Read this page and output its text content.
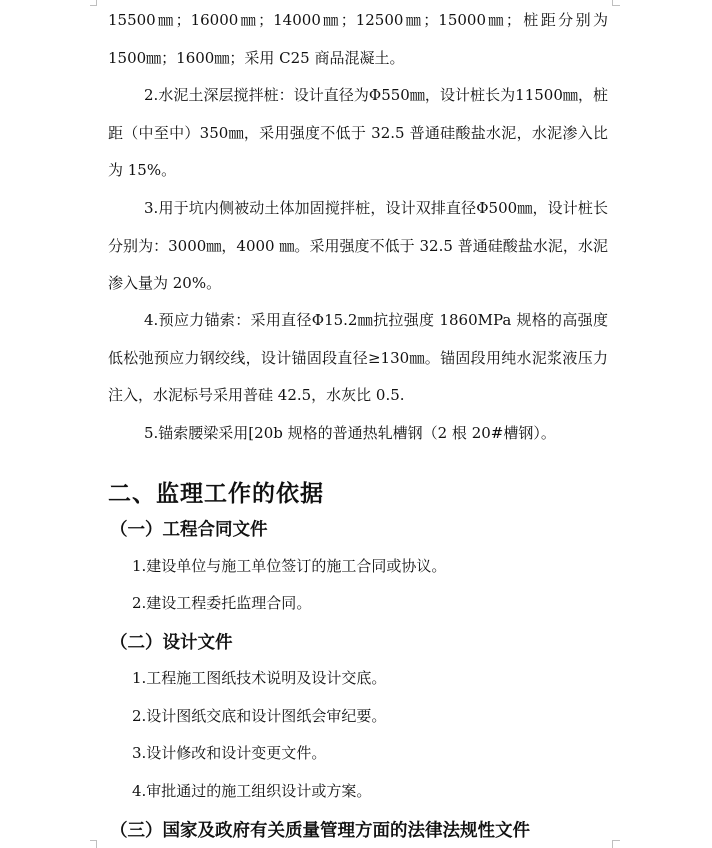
15500㎜；16000㎜；14000㎜；12500㎜；15000㎜；桩距分别为 1500㎜；1600㎜；采用 C25 商品混凝土。

2.水泥土深层搅拌桩：设计直径为Φ550㎜，设计桩长为11500㎜，桩距（中至中）350㎜，采用强度不低于 32.5 普通硅酸盐水泥，水泥渗入比为 15%。

3.用于坑内侧被动土体加固搅拌桩，设计双排直径Φ500㎜，设计桩长分别为：3000㎜，4000 ㎜。采用强度不低于 32.5 普通硅酸盐水泥，水泥渗入量为 20%。

4.预应力锚索：采用直径Φ15.2㎜抗拉强度 1860MPa 规格的高强度低松弛预应力钢绞线，设计锚固段直径≥130㎜。锚固段用纯水泥浆液压力注入，水泥标号采用普硅 42.5，水灰比 0.5.

5.锚索腰梁采用[20b 规格的普通热轧槽钢（2 根 20#槽钢）。

二、监理工作的依据
（一）工程合同文件

1.建设单位与施工单位签订的施工合同或协议。

2.建设工程委托监理合同。

（二）设计文件

1.工程施工图纸技术说明及设计交底。

2.设计图纸交底和设计图纸会审纪要。

3.设计修改和设计变更文件。

4.审批通过的施工组织设计或方案。

（三）国家及政府有关质量管理方面的法律法规性文件
